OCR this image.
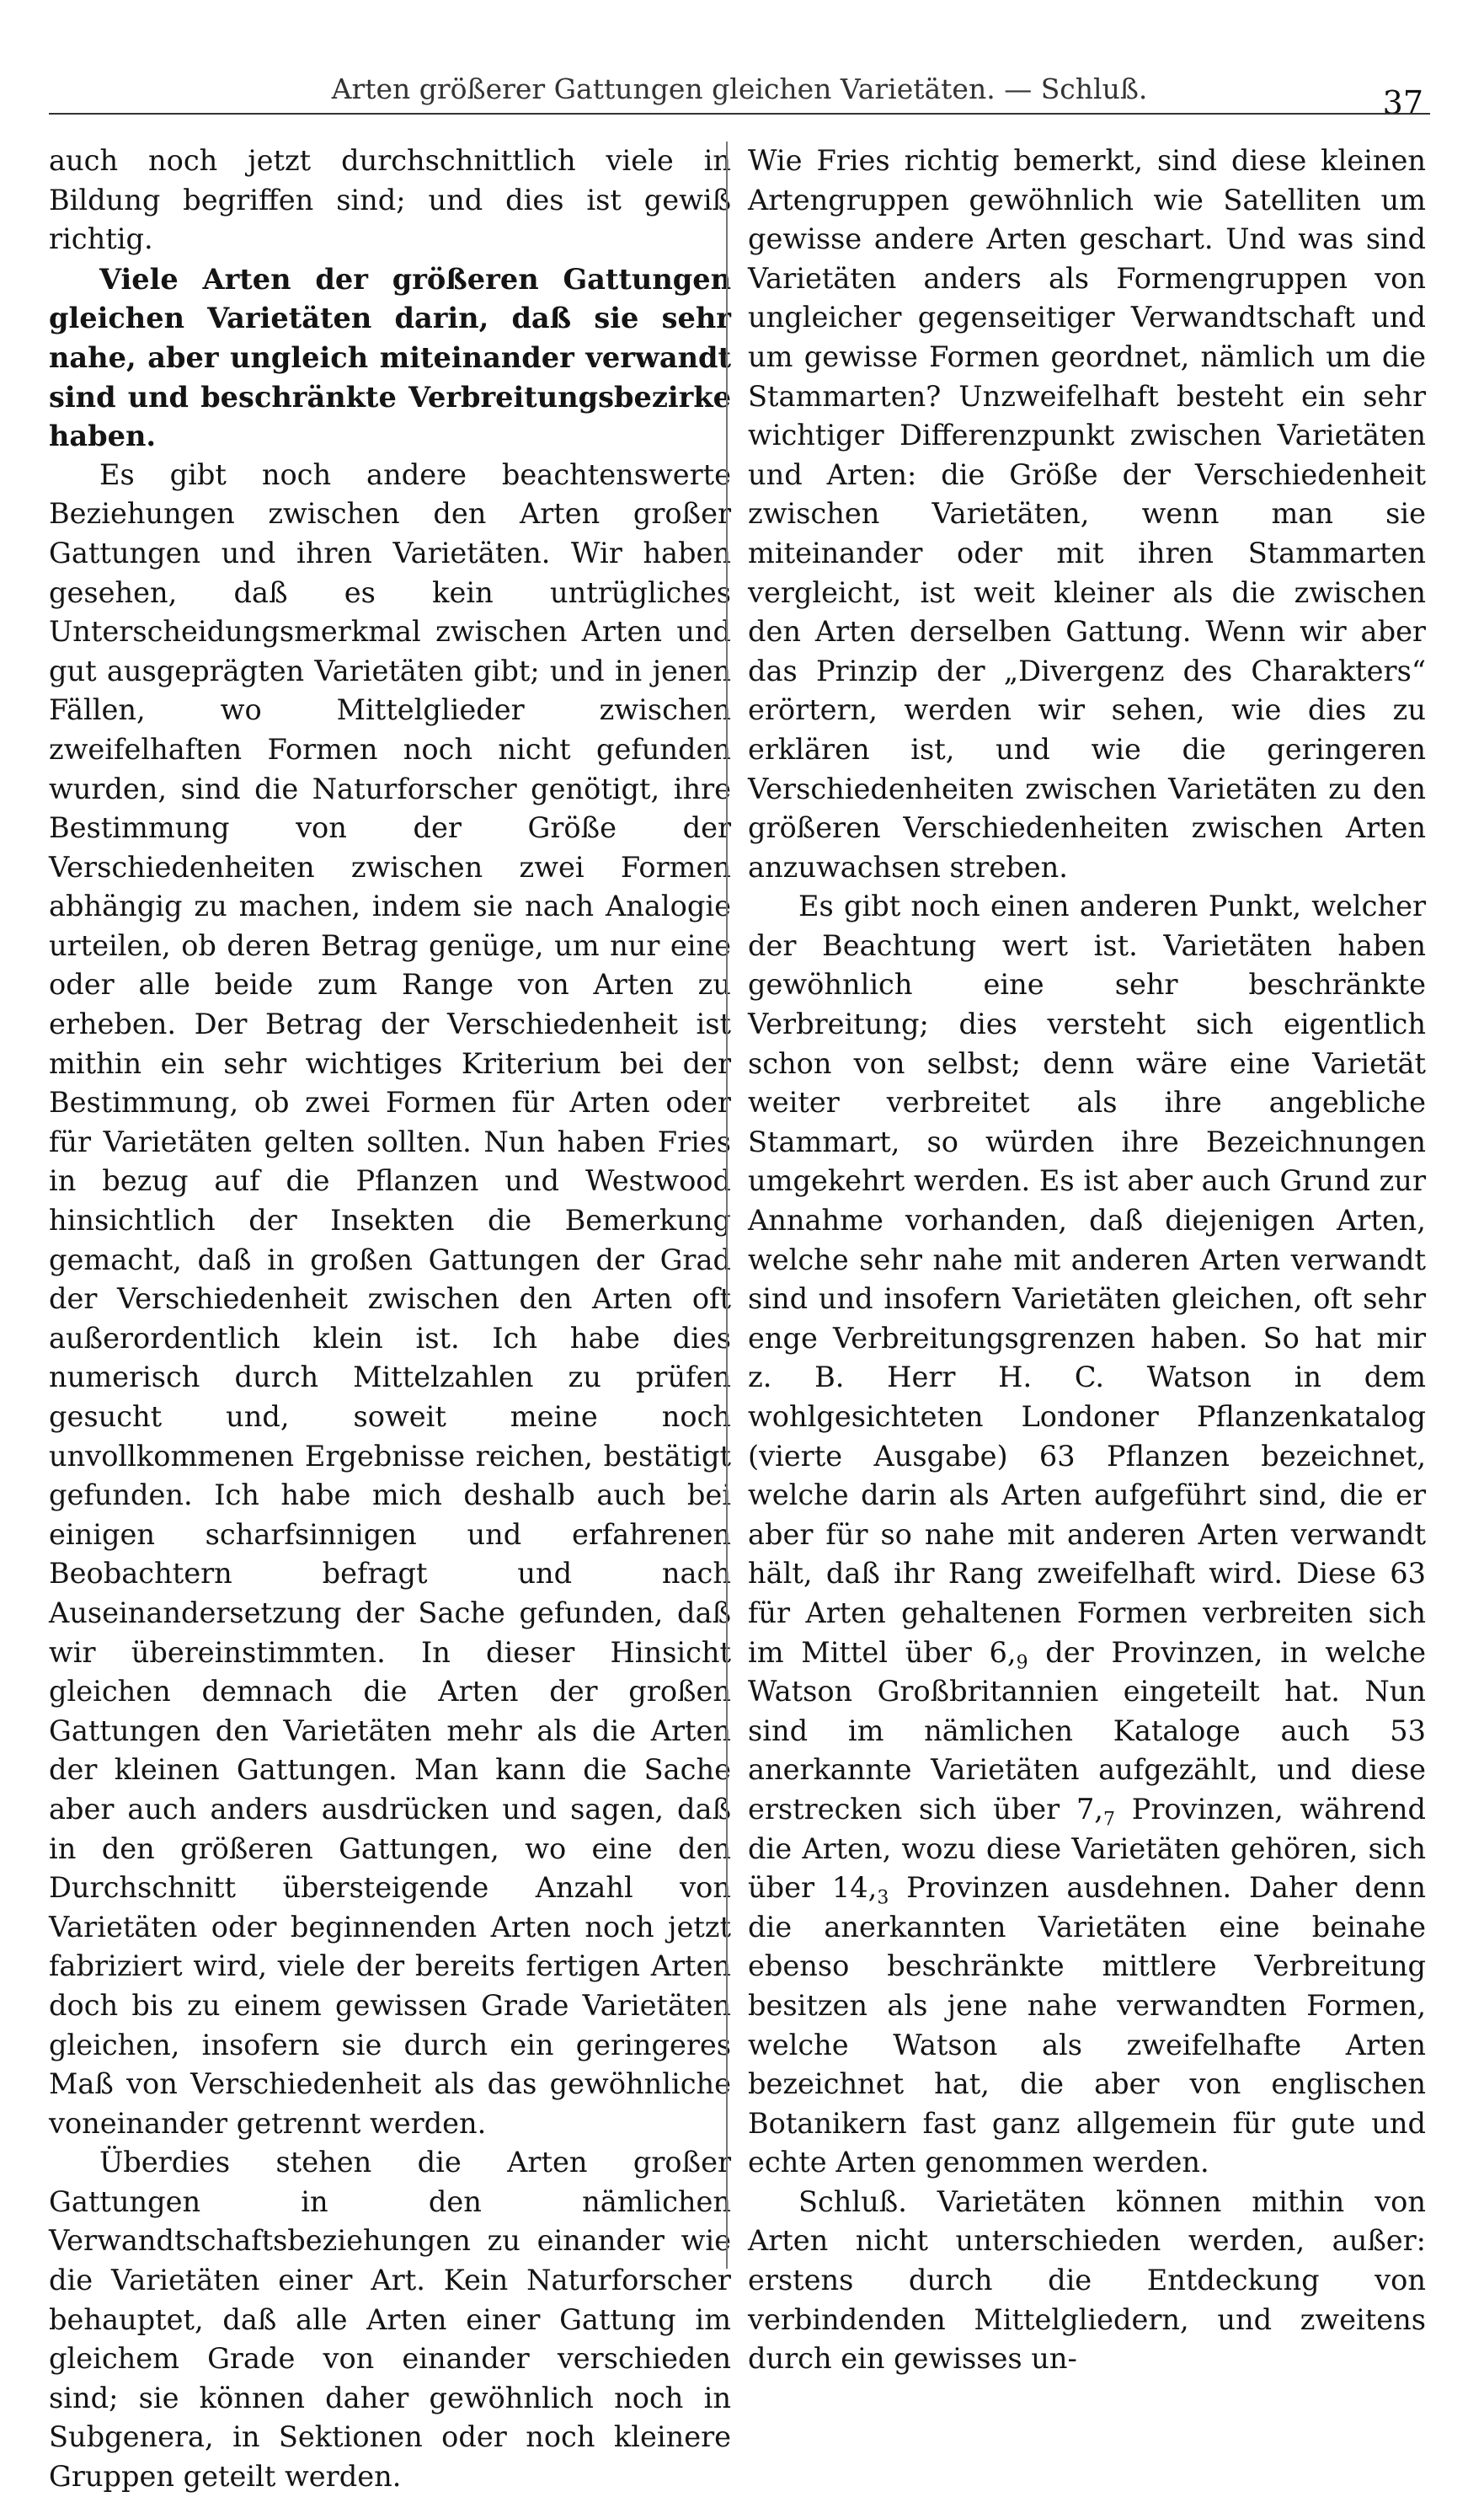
Arten größerer Gattungen gleichen Varietäten. — Schluß.	37

auch noch jetzt durchschnittlich viele in Bildung begriffen sind; und dies ist gewiß richtig.

Viele Arten der größeren Gattungen gleichen Varietäten darin, daß sie sehr nahe, aber ungleich miteinander verwandt sind und beschränkte Verbreitungsbezirke haben.

Es gibt noch andere beachtenswerte Beziehungen zwischen den Arten großer Gattungen und ihren Varietäten. Wir haben gesehen, daß es kein untrügliches Unterscheidungsmerkmal zwischen Arten und gut ausgeprägten Varietäten gibt; und in jenen Fällen, wo Mittelglieder zwischen zweifelhaften Formen noch nicht gefunden wurden, sind die Naturforscher genötigt, ihre Bestimmung von der Größe der Verschiedenheiten zwischen zwei Formen abhängig zu machen, indem sie nach Analogie urteilen, ob deren Betrag genüge, um nur eine oder alle beide zum Range von Arten zu erheben. Der Betrag der Verschiedenheit ist mithin ein sehr wichtiges Kriterium bei der Bestimmung, ob zwei Formen für Arten oder für Varietäten gelten sollten. Nun haben Fries in bezug auf die Pflanzen und Westwood hinsichtlich der Insekten die Bemerkung gemacht, daß in großen Gattungen der Grad der Verschiedenheit zwischen den Arten oft außerordentlich klein ist. Ich habe dies numerisch durch Mittelzahlen zu prüfen gesucht und, soweit meine noch unvollkommenen Ergebnisse reichen, bestätigt gefunden. Ich habe mich deshalb auch bei einigen scharfsinnigen und erfahrenen Beobachtern befragt und nach Auseinandersetzung der Sache gefunden, daß wir übereinstimmten. In dieser Hinsicht gleichen demnach die Arten der großen Gattungen den Varietäten mehr als die Arten der kleinen Gattungen. Man kann die Sache aber auch anders ausdrücken und sagen, daß in den größeren Gattungen, wo eine den Durchschnitt übersteigende Anzahl von Varietäten oder beginnenden Arten noch jetzt fabriziert wird, viele der bereits fertigen Arten doch bis zu einem gewissen Grade Varietäten gleichen, insofern sie durch ein geringeres Maß von Verschiedenheit als das gewöhnliche voneinander getrennt werden.

Überdies stehen die Arten großer Gattungen in den nämlichen Verwandtschaftsbeziehungen zu einander wie die Varietäten einer Art. Kein Naturforscher behauptet, daß alle Arten einer Gattung im gleichem Grade von einander verschieden sind; sie können daher gewöhnlich noch in Subgenera, in Sektionen oder noch kleinere Gruppen geteilt werden.

Wie Fries richtig bemerkt, sind diese kleinen Artengruppen gewöhnlich wie Satelliten um gewisse andere Arten geschart. Und was sind Varietäten anders als Formengruppen von ungleicher gegenseitiger Verwandtschaft und um gewisse Formen geordnet, nämlich um die Stammarten? Unzweifelhaft besteht ein sehr wichtiger Differenzpunkt zwischen Varietäten und Arten: die Größe der Verschiedenheit zwischen Varietäten, wenn man sie miteinander oder mit ihren Stammarten vergleicht, ist weit kleiner als die zwischen den Arten derselben Gattung. Wenn wir aber das Prinzip der „Divergenz des Charakters“ erörtern, werden wir sehen, wie dies zu erklären ist, und wie die geringeren Verschiedenheiten zwischen Varietäten zu den größeren Verschiedenheiten zwischen Arten anzuwachsen streben.

Es gibt noch einen anderen Punkt, welcher der Beachtung wert ist. Varietäten haben gewöhnlich eine sehr beschränkte Verbreitung; dies versteht sich eigentlich schon von selbst; denn wäre eine Varietät weiter verbreitet als ihre angebliche Stammart, so würden ihre Bezeichnungen umgekehrt werden. Es ist aber auch Grund zur Annahme vorhanden, daß diejenigen Arten, welche sehr nahe mit anderen Arten verwandt sind und insofern Varietäten gleichen, oft sehr enge Verbreitungsgrenzen haben. So hat mir z. B. Herr H. C. Watson in dem wohlgesichteten Londoner Pflanzenkatalog (vierte Ausgabe) 63 Pflanzen bezeichnet, welche darin als Arten aufgeführt sind, die er aber für so nahe mit anderen Arten verwandt hält, daß ihr Rang zweifelhaft wird. Diese 63 für Arten gehaltenen Formen verbreiten sich im Mittel über $6,_9$ der Provinzen, in welche Watson Großbritannien eingeteilt hat. Nun sind im nämlichen Kataloge auch 53 anerkannte Varietäten aufgezählt, und diese erstrecken sich über $7,_7$ Provinzen, während die Arten, wozu diese Varietäten gehören, sich über $14,_3$ Provinzen ausdehnen. Daher denn die anerkannten Varietäten eine beinahe ebenso beschränkte mittlere Verbreitung besitzen als jene nahe verwandten Formen, welche Watson als zweifelhafte Arten bezeichnet hat, die aber von englischen Botanikern fast ganz allgemein für gute und echte Arten genommen werden.

Schluß. Varietäten können mithin von Arten nicht unterschieden werden, außer: erstens durch die Entdeckung von verbindenden Mittelgliedern, und zweitens durch ein gewisses un-
